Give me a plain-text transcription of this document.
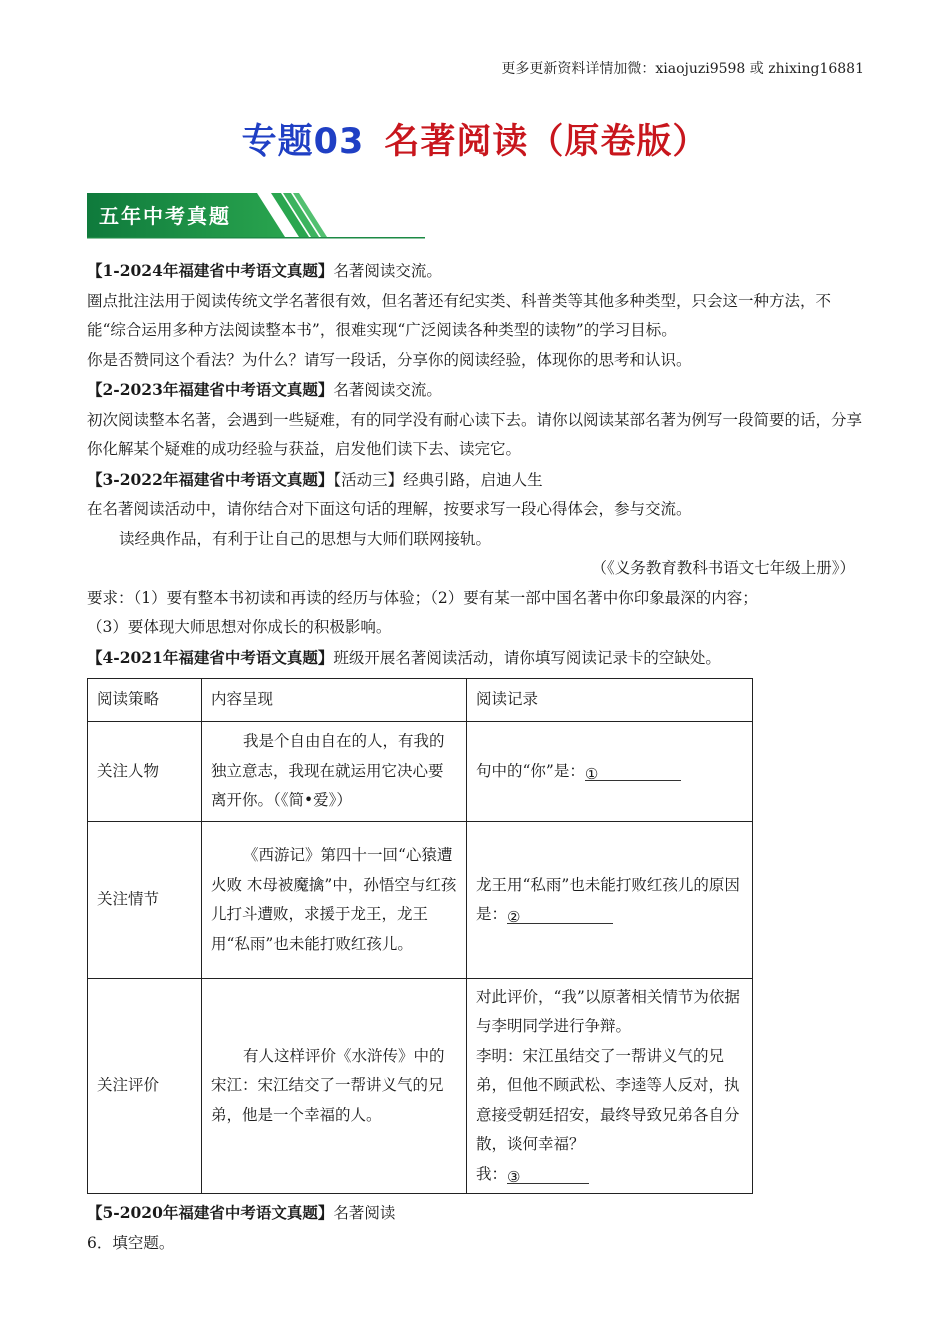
更多更新资料详情加微：xiaojuzi9598 或 zhixing16881
专题03 名著阅读（原卷版）
五年中考真题

【1-2024年福建省中考语文真题】名著阅读交流。

圈点批注法用于阅读传统文学名著很有效，但名著还有纪实类、科普类等其他多种类型，只会这一种方法，不能“综合运用多种方法阅读整本书”，很难实现“广泛阅读各种类型的读物”的学习目标。

你是否赞同这个看法？为什么？请写一段话，分享你的阅读经验，体现你的思考和认识。

【2-2023年福建省中考语文真题】名著阅读交流。

初次阅读整本名著，会遇到一些疑难，有的同学没有耐心读下去。请你以阅读某部名著为例写一段简要的话，分享你化解某个疑难的成功经验与获益，启发他们读下去、读完它。

【3-2022年福建省中考语文真题】【活动三】经典引路，启迪人生

在名著阅读活动中，请你结合对下面这句话的理解，按要求写一段心得体会，参与交流。

读经典作品，有利于让自己的思想与大师们联网接轨。

（《义务教育教科书语文七年级上册》）

要求：（1）要有整本书初读和再读的经历与体验；（2）要有某一部中国名著中你印象最深的内容；

（3）要体现大师思想对你成长的积极影响。

【4-2021年福建省中考语文真题】班级开展名著阅读活动，请你填写阅读记录卡的空缺处。

阅读策略	内容呈现	阅读记录
关注人物	我是个自由自在的人，有我的独立意志，我现在就运用它决心要离开你。（《简•爱》）	句中的“你”是：①
关注情节	《西游记》第四十一回“心猿遭火败 木母被魔擒”中，孙悟空与红孩儿打斗遭败，求援于龙王，龙王用“私雨”也未能打败红孩儿。	龙王用“私雨”也未能打败红孩儿的原因是：②
关注评价	有人这样评价《水浒传》中的宋江：宋江结交了一帮讲义气的兄弟，他是一个幸福的人。	对此评价，“我”以原著相关情节为依据与李明同学进行争辩。
李明：宋江虽结交了一帮讲义气的兄弟，但他不顾武松、李逵等人反对，执意接受朝廷招安，最终导致兄弟各自分散，谈何幸福？
我：③

【5-2020年福建省中考语文真题】名著阅读

6．填空题。
